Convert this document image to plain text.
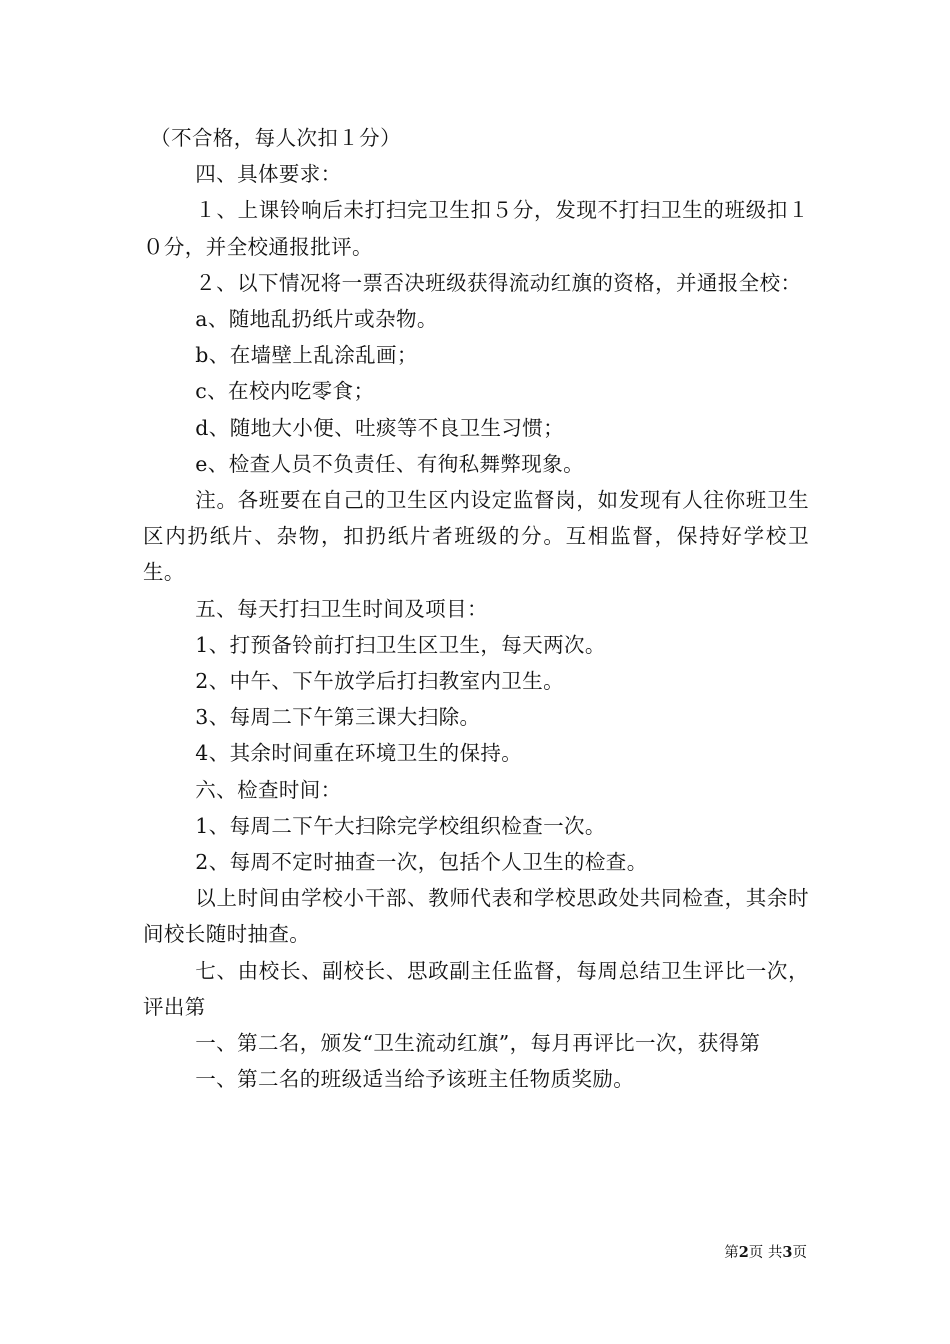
（不合格，每人次扣１分）

四、具体要求：

１、上课铃响后未打扫完卫生扣５分，发现不打扫卫生的班级扣１０分，并全校通报批评。

２、以下情况将一票否决班级获得流动红旗的资格，并通报全校：

a、随地乱扔纸片或杂物。

b、在墙壁上乱涂乱画；

c、在校内吃零食；

d、随地大小便、吐痰等不良卫生习惯；

e、检查人员不负责任、有徇私舞弊现象。

注。各班要在自己的卫生区内设定监督岗，如发现有人往你班卫生区内扔纸片、杂物，扣扔纸片者班级的分。互相监督，保持好学校卫生。

五、每天打扫卫生时间及项目：

1、打预备铃前打扫卫生区卫生，每天两次。

2、中午、下午放学后打扫教室内卫生。

3、每周二下午第三课大扫除。

4、其余时间重在环境卫生的保持。

六、检查时间：

1、每周二下午大扫除完学校组织检查一次。

2、每周不定时抽查一次，包括个人卫生的检查。

以上时间由学校小干部、教师代表和学校思政处共同检查，其余时间校长随时抽查。

七、由校长、副校长、思政副主任监督，每周总结卫生评比一次，评出第

一、第二名，颁发“卫生流动红旗”，每月再评比一次，获得第

一、第二名的班级适当给予该班主任物质奖励。

第2页 共3页
